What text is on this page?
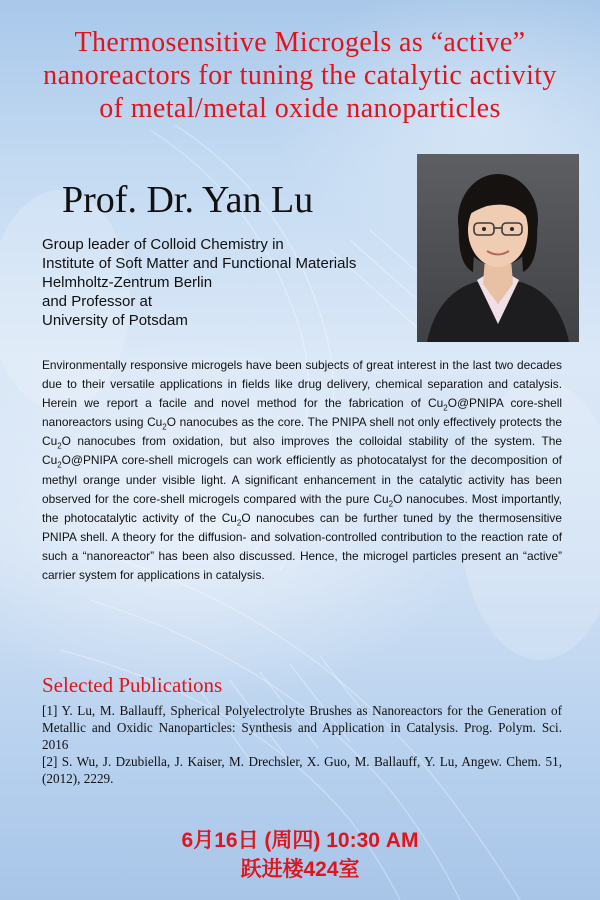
Thermosensitive Microgels as “active”
nanoreactors for tuning the catalytic activity
of metal/metal oxide nanoparticles
Prof. Dr. Yan Lu
Group leader of Colloid Chemistry in
Institute of Soft Matter and Functional Materials
Helmholtz-Zentrum Berlin
and Professor at
University of Potsdam

Environmentally responsive microgels have been subjects of great interest in the last two decades due to their versatile applications in fields like drug delivery, chemical separation and catalysis. Herein we report a facile and novel method for the fabrication of $Cu_2O@PNIPA$ core-shell nanoreactors using $Cu_2O$ nanocubes as the core. The PNIPA shell not only effectively protects the $Cu_2O$ nanocubes from oxidation, but also improves the colloidal stability of the system. The $Cu_2O@PNIPA$ core-shell microgels can work efficiently as photocatalyst for the decomposition of methyl orange under visible light. A significant enhancement in the catalytic activity has been observed for the core-shell microgels compared with the pure $Cu_2O$ nanocubes. Most importantly, the photocatalytic activity of the $Cu_2O$ nanocubes can be further tuned by the thermosensitive PNIPA shell. A theory for the diffusion- and solvation-controlled contribution to the reaction rate of such a “nanoreactor” has been also discussed. Hence, the microgel particles present an “active” carrier system for applications in catalysis.

Selected Publications

[1] Y. Lu, M. Ballauff, Spherical Polyelectrolyte Brushes as Nanoreactors for the Generation of Metallic and Oxidic Nanoparticles: Synthesis and Application in Catalysis. Prog. Polym. Sci. 2016

[2] S. Wu, J. Dzubiella, J. Kaiser, M. Drechsler, X. Guo, M. Ballauff, Y. Lu, Angew. Chem. 51, (2012), 2229.

6月16日 (周四) 10:30 AM

跃进楼424室
